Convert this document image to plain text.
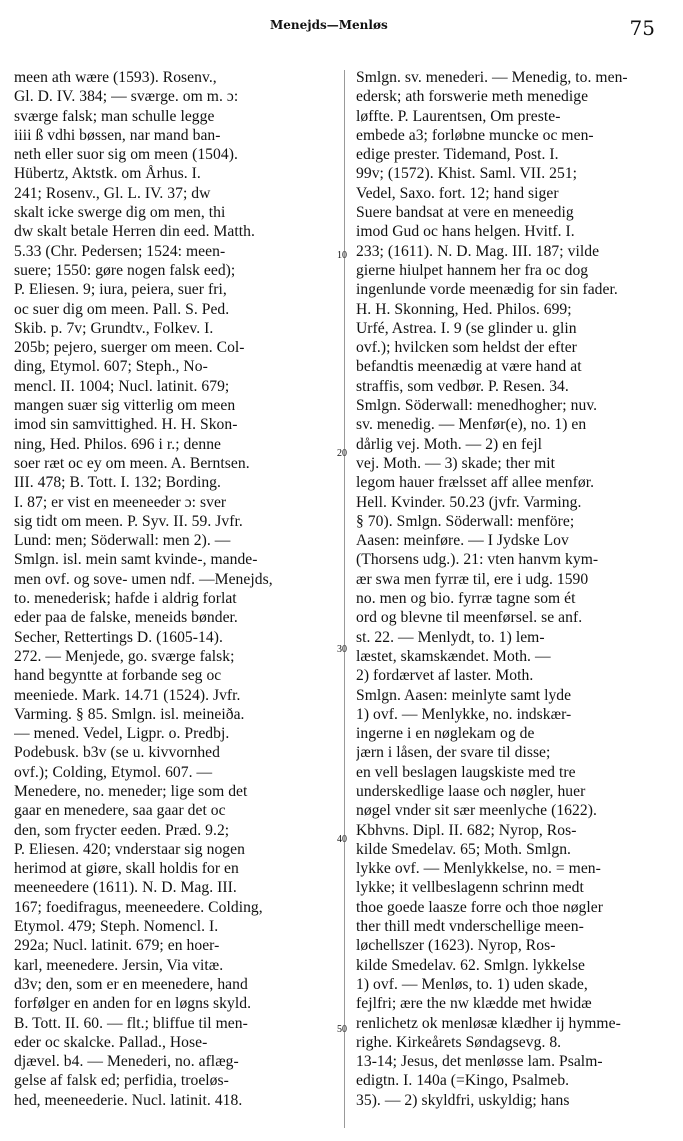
Menejds—Menløs	75
meen ath wære (1593). Rosenv.,
Gl. D. IV. 384; — sværge. om m. ɔ:
sværge falsk; man schulle legge
iiii ß vdhi bøssen, nar mand ban-
neth eller suor sig om meen (1504).
Hübertz, Aktstk. om Århus. I.
241; Rosenv., Gl. L. IV. 37; dw
skalt icke swerge dig om men, thi
dw skalt betale Herren din eed. Matth.
5.33 (Chr. Pedersen; 1524: meen-
suere; 1550: gøre nogen falsk eed);
P. Eliesen. 9; iura, peiera, suer fri,
oc suer dig om meen. Pall. S. Ped.
Skib. p. 7v; Grundtv., Folkev. I.
205b; pejero, suerger om meen. Col-
ding, Etymol. 607; Steph., No-
mencl. II. 1004; Nucl. latinit. 679;
mangen suær sig vitterlig om meen
imod sin samvittighed. H. H. Skon-
ning, Hed. Philos. 696 i r.; denne
soer ræt oc ey om meen. A. Berntsen.
III. 478; B. Tott. I. 132; Bording.
I. 87; er vist en meeneeder ɔ: sver
sig tidt om meen. P. Syv. II. 59. Jvfr.
Lund: men; Söderwall: men 2). —
Smlgn. isl. mein samt kvinde-, mande-
men ovf. og sove- umen ndf. —Menejds,
to. menederisk; hafde i aldrig forlat
eder paa de falske, meneids bønder.
Secher, Rettertings D. (1605-14).
272. — Menjede, go. sværge falsk;
hand begyntte at forbande seg oc
meeniede. Mark. 14.71 (1524). Jvfr.
Varming. § 85. Smlgn. isl. meineiða.
— mened. Vedel, Ligpr. o. Predbj.
Podebusk. b3v (se u. kivvornhed
ovf.); Colding, Etymol. 607. —
Menedere, no. meneder; lige som det
gaar en menedere, saa gaar det oc
den, som frycter eeden. Præd. 9.2;
P. Eliesen. 420; vnderstaar sig nogen
herimod at giøre, skall holdis for en
meeneedere (1611). N. D. Mag. III.
167; foedifragus, meeneedere. Colding,
Etymol. 479; Steph. Nomencl. I.
292a; Nucl. latinit. 679; en hoer-
karl, meenedere. Jersin, Via vitæ.
d3v; den, som er en meenedere, hand
forfølger en anden for en løgns skyld.
B. Tott. II. 60. — flt.; bliffue til men-
eder oc skalcke. Pallad., Hose-
djævel. b4. — Menederi, no. aflæg-
gelse af falsk ed; perfidia, troeløs-
hed, meeneederie. Nucl. latinit. 418.
Smlgn. sv. menederi. — Menedig, to. men-
edersk; ath forswerie meth menedige
løffte. P. Laurentsen, Om preste-
embede a3; forløbne muncke oc men-
edige prester. Tidemand, Post. I.
99v; (1572). Khist. Saml. VII. 251;
Vedel, Saxo. fort. 12; hand siger
Suere bandsat at vere en meneedig
imod Gud oc hans helgen. Hvitf. I.
233; (1611). N. D. Mag. III. 187; vilde
gierne hiulpet hannem her fra oc dog
ingenlunde vorde meenædig for sin fader.
H. H. Skonning, Hed. Philos. 699;
Urfé, Astrea. I. 9 (se glinder u. glin
ovf.); hvilcken som heldst der efter
befandtis meenædig at være hand at
straffis, som vedbør. P. Resen. 34.
Smlgn. Söderwall: menedhogher; nuv.
sv. menedig. — Menfør(e), no. 1) en
dårlig vej. Moth. — 2) en fejl
vej. Moth. — 3) skade; ther mit
legom hauer frælsset aff allee menfør.
Hell. Kvinder. 50.23 (jvfr. Varming.
§ 70). Smlgn. Söderwall: menföre;
Aasen: meinføre. — I Jydske Lov
(Thorsens udg.). 21: vten hanvm kym-
ær swa men fyrræ til, ere i udg. 1590
no. men og bio. fyrræ tagne som ét
ord og blevne til meenførsel. se anf.
st. 22. — Menlydt, to. 1) lem-
læstet, skamskændet. Moth. —
2) fordærvet af laster. Moth.
Smlgn. Aasen: meinlyte samt lyde
1) ovf. — Menlykke, no. indskær-
ingerne i en nøglekam og de
jærn i låsen, der svare til disse;
en vell beslagen laugskiste med tre
underskedlige laase och nøgler, huer
nøgel vnder sit sær meenlyche (1622).
Kbhvns. Dipl. II. 682; Nyrop, Ros-
kilde Smedelav. 65; Moth. Smlgn.
lykke ovf. — Menlykkelse, no. = men-
lykke; it vellbeslagenn schrinn medt
thoe goede laasze forre och thoe nøgler
ther thill medt vnderschellige meen-
løchellszer (1623). Nyrop, Ros-
kilde Smedelav. 62. Smlgn. lykkelse
1) ovf. — Menløs, to. 1) uden skade,
fejlfri; ære the nw klædde met hwidæ
renlichetz ok menløsæ klædher ij hymme-
righe. Kirkeårets Søndagsevg. 8.
13-14; Jesus, det menløsse lam. Psalm-
edigtn. I. 140a (=Kingo, Psalmeb.
35). — 2) skyldfri, uskyldig; hans
10
20
30
40
50
